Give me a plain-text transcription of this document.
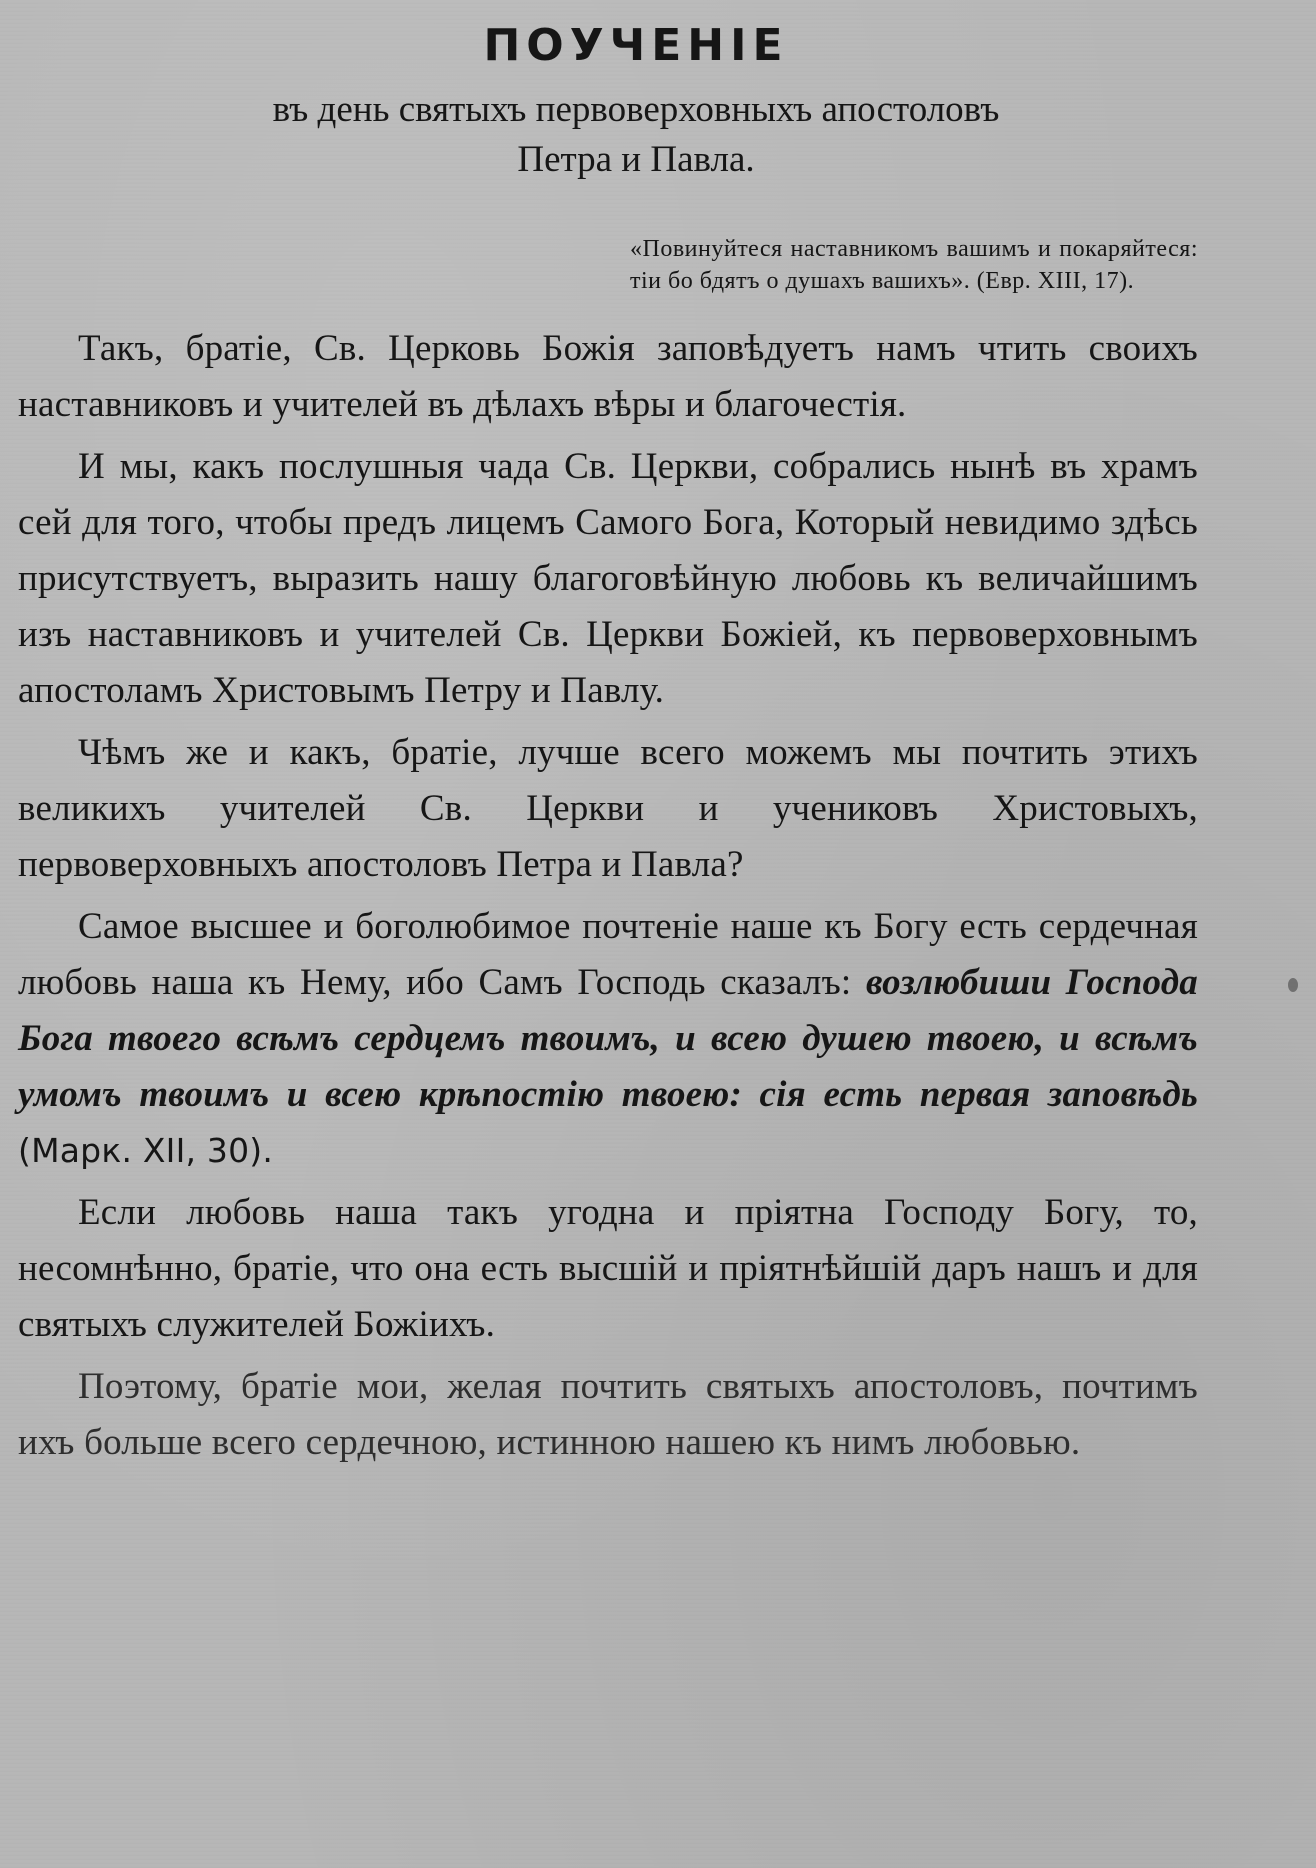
ПОУЧЕНІЕ

въ день святыхъ первоверховныхъ апостоловъ

Петра и Павла.

«Повинуйтеся наставникомъ вашимъ и покаряйтеся: тіи бо бдятъ о душахъ вашихъ». (Евр. XIII, 17).

Такъ, братіе, Св. Церковь Божія заповѣдуетъ намъ чтить своихъ наставниковъ и учителей въ дѣлахъ вѣры и благочестія.

И мы, какъ послушныя чада Св. Церкви, собрались нынѣ въ храмъ сей для того, чтобы предъ лицемъ Самого Бога, Который невидимо здѣсь присутствуетъ, выразить нашу благоговѣйную любовь къ величайшимъ изъ наставниковъ и учителей Св. Церкви Божіей, къ первоверховнымъ апостоламъ Христовымъ Петру и Павлу.

Чѣмъ же и какъ, братіе, лучше всего можемъ мы почтить этихъ великихъ учителей Св. Церкви и учениковъ Христовыхъ, первоверховныхъ апостоловъ Петра и Павла?

Самое высшее и боголюбимое почтеніе наше къ Богу есть сердечная любовь наша къ Нему, ибо Самъ Господь сказалъ: возлюбиши Господа Бога твоего всѣмъ сердцемъ твоимъ, и всею душею твоею, и всѣмъ умомъ твоимъ и всею крѣпостію твоею: сія есть первая заповѣдь (Марк. XII, 30).

Если любовь наша такъ угодна и пріятна Господу Богу, то, несомнѣнно, братіе, что она есть высшій и пріятнѣйшій даръ нашъ и для святыхъ служителей Божіихъ.

Поэтому, братіе мои, желая почтить святыхъ апостоловъ, почтимъ ихъ больше всего сердечною, истинною нашею къ нимъ любовью.
